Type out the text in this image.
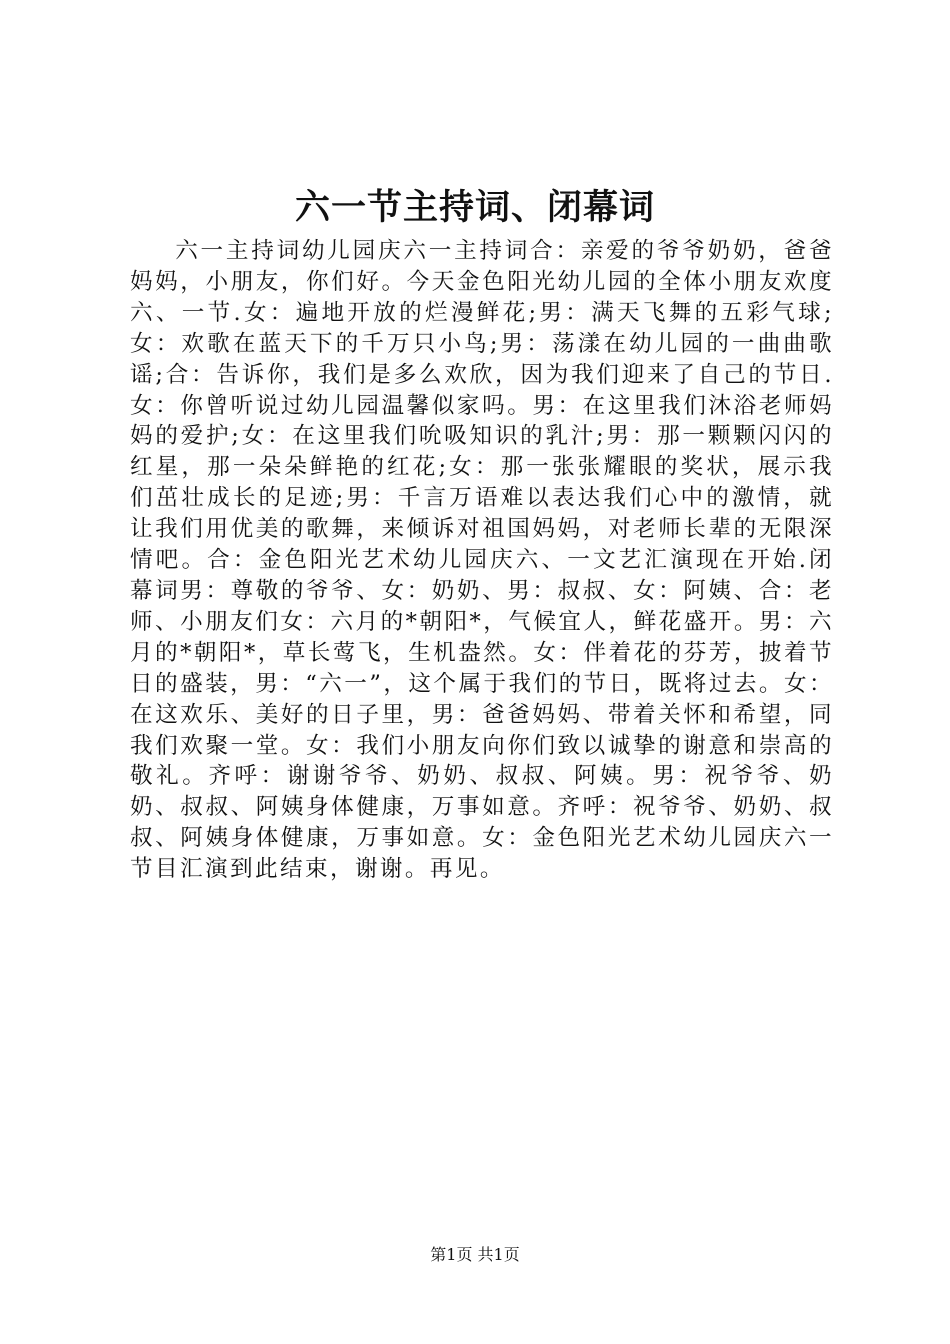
六一节主持词、闭幕词

六一主持词幼儿园庆六一主持词合：亲爱的爷爷奶奶，爸爸妈妈，小朋友，你们好。今天金色阳光幼儿园的全体小朋友欢度六、一节.女：遍地开放的烂漫鲜花;男：满天飞舞的五彩气球;女：欢歌在蓝天下的千万只小鸟;男：荡漾在幼儿园的一曲曲歌谣;合：告诉你，我们是多么欢欣，因为我们迎来了自己的节日.女：你曾听说过幼儿园温馨似家吗。男：在这里我们沐浴老师妈妈的爱护;女：在这里我们吮吸知识的乳汁;男：那一颗颗闪闪的红星，那一朵朵鲜艳的红花;女：那一张张耀眼的奖状，展示我们茁壮成长的足迹;男：千言万语难以表达我们心中的激情，就让我们用优美的歌舞，来倾诉对祖国妈妈，对老师长辈的无限深情吧。合：金色阳光艺术幼儿园庆六、一文艺汇演现在开始.闭幕词男：尊敬的爷爷、女：奶奶、男：叔叔、女：阿姨、合：老师、小朋友们女：六月的*朝阳*，气候宜人，鲜花盛开。男：六月的*朝阳*，草长莺飞，生机盎然。女：伴着花的芬芳，披着节日的盛装，男：“六一”，这个属于我们的节日，既将过去。女：在这欢乐、美好的日子里，男：爸爸妈妈、带着关怀和希望，同我们欢聚一堂。女：我们小朋友向你们致以诚挚的谢意和崇高的敬礼。齐呼：谢谢爷爷、奶奶、叔叔、阿姨。男：祝爷爷、奶奶、叔叔、阿姨身体健康，万事如意。齐呼：祝爷爷、奶奶、叔叔、阿姨身体健康，万事如意。女：金色阳光艺术幼儿园庆六一节目汇演到此结束，谢谢。再见。

第1页 共1页
